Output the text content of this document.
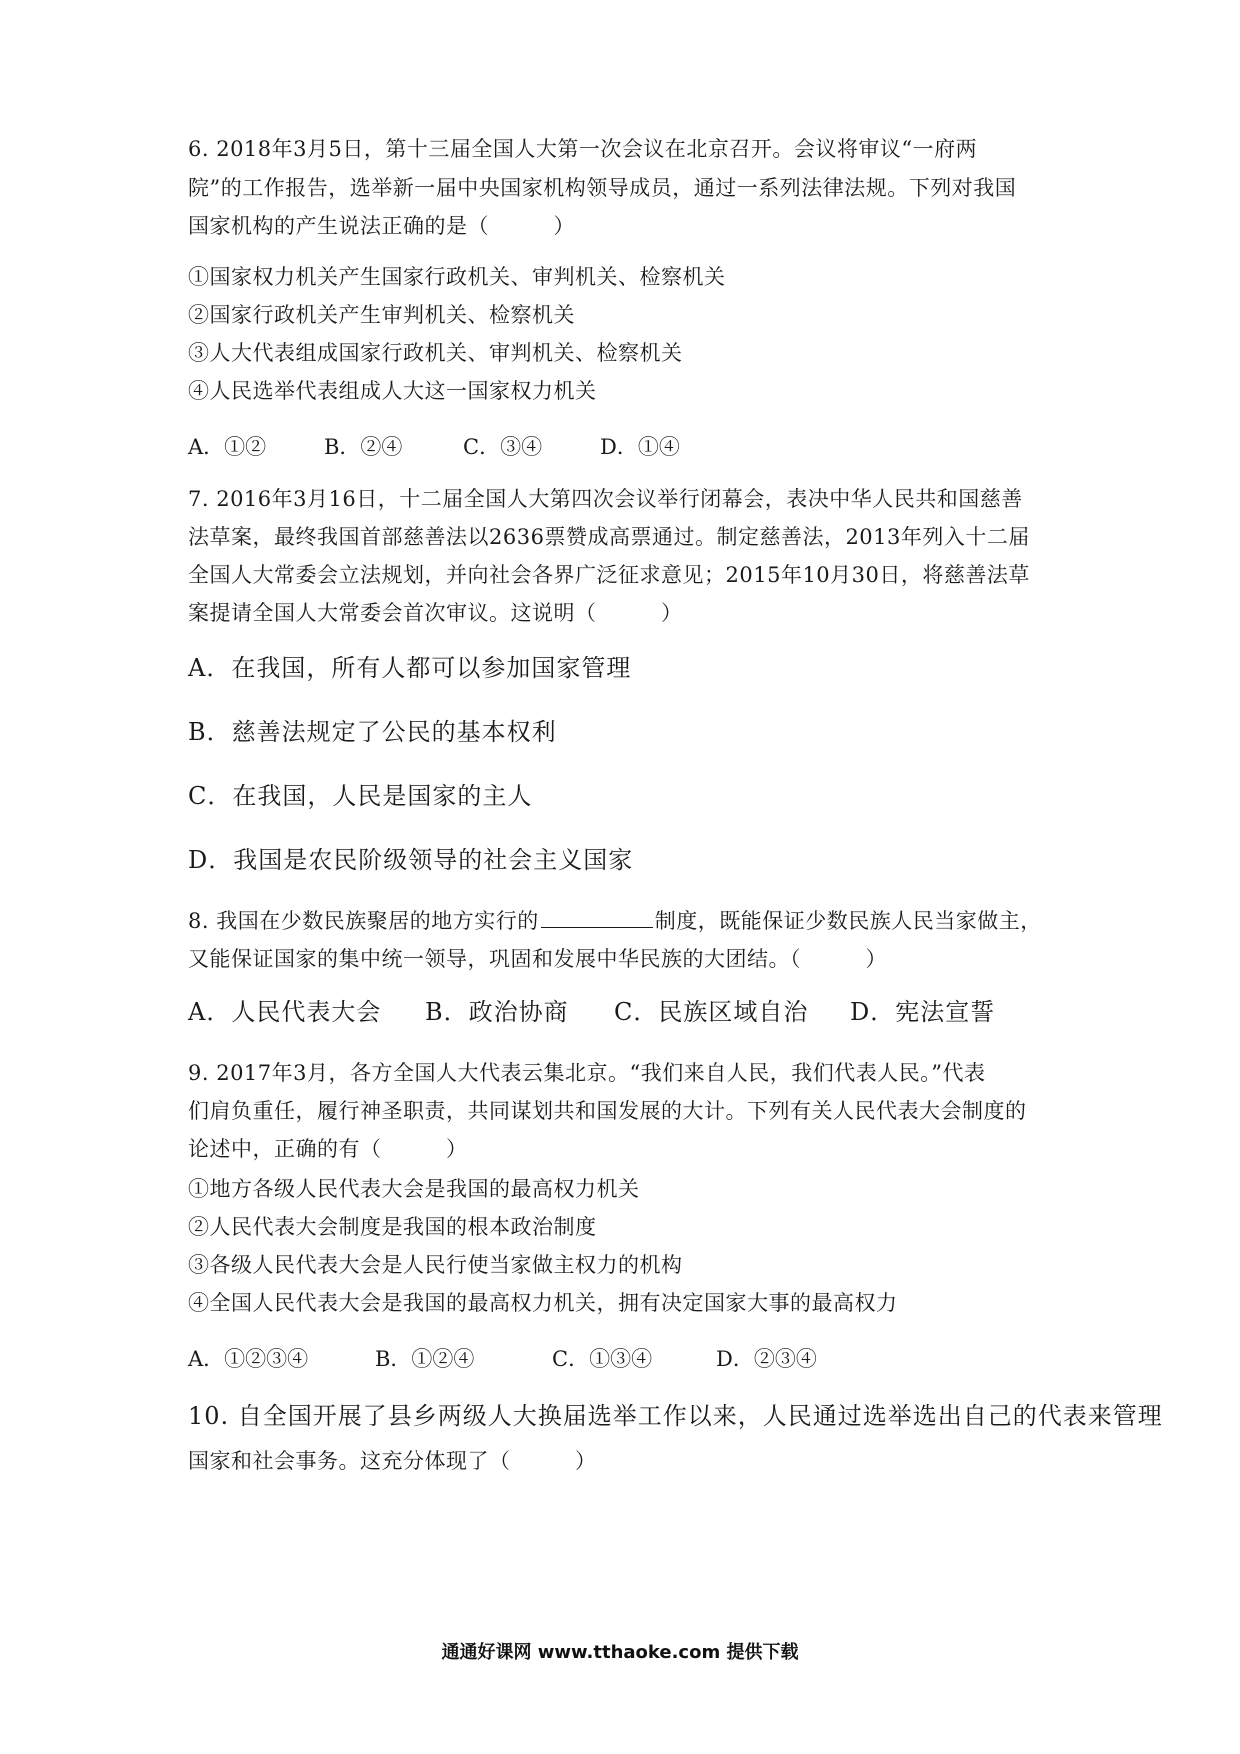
6. 2018年3月5日，第十三届全国人大第一次会议在北京召开。会议将审议“一府两
院”的工作报告，选举新一届中央国家机构领导成员，通过一系列法律法规。下列对我国
国家机构的产生说法正确的是（　　　）
①国家权力机关产生国家行政机关、审判机关、检察机关
②国家行政机关产生审判机关、检察机关
③人大代表组成国家行政机关、审判机关、检察机关
④人民选举代表组成人大这一国家权力机关
A．①②	B．②④	C．③④	D．①④
7. 2016年3月16日，十二届全国人大第四次会议举行闭幕会，表决中华人民共和国慈善
法草案，最终我国首部慈善法以2636票赞成高票通过。制定慈善法，2013年列入十二届
全国人大常委会立法规划，并向社会各界广泛征求意见；2015年10月30日，将慈善法草
案提请全国人大常委会首次审议。这说明（　　　）
A．在我国，所有人都可以参加国家管理
B．慈善法规定了公民的基本权利
C．在我国，人民是国家的主人
D．我国是农民阶级领导的社会主义国家
8. 我国在少数民族聚居的地方实行的	制度，既能保证少数民族人民当家做主，
又能保证国家的集中统一领导，巩固和发展中华民族的大团结。（　　　）
A．人民代表大会 B．政治协商 C．民族区域自治 D．宪法宣誓
9. 2017年3月，各方全国人大代表云集北京。“我们来自人民，我们代表人民。”代表
们肩负重任，履行神圣职责，共同谋划共和国发展的大计。下列有关人民代表大会制度的
论述中，正确的有（　　　）
①地方各级人民代表大会是我国的最高权力机关
②人民代表大会制度是我国的根本政治制度
③各级人民代表大会是人民行使当家做主权力的机构
④全国人民代表大会是我国的最高权力机关，拥有决定国家大事的最高权力
A．①②③④	B．①②④	C．①③④	D．②③④
10. 自全国开展了县乡两级人大换届选举工作以来，人民通过选举选出自己的代表来管理
国家和社会事务。这充分体现了（　　　）
通通好课网 www.tthaoke.com 提供下载
